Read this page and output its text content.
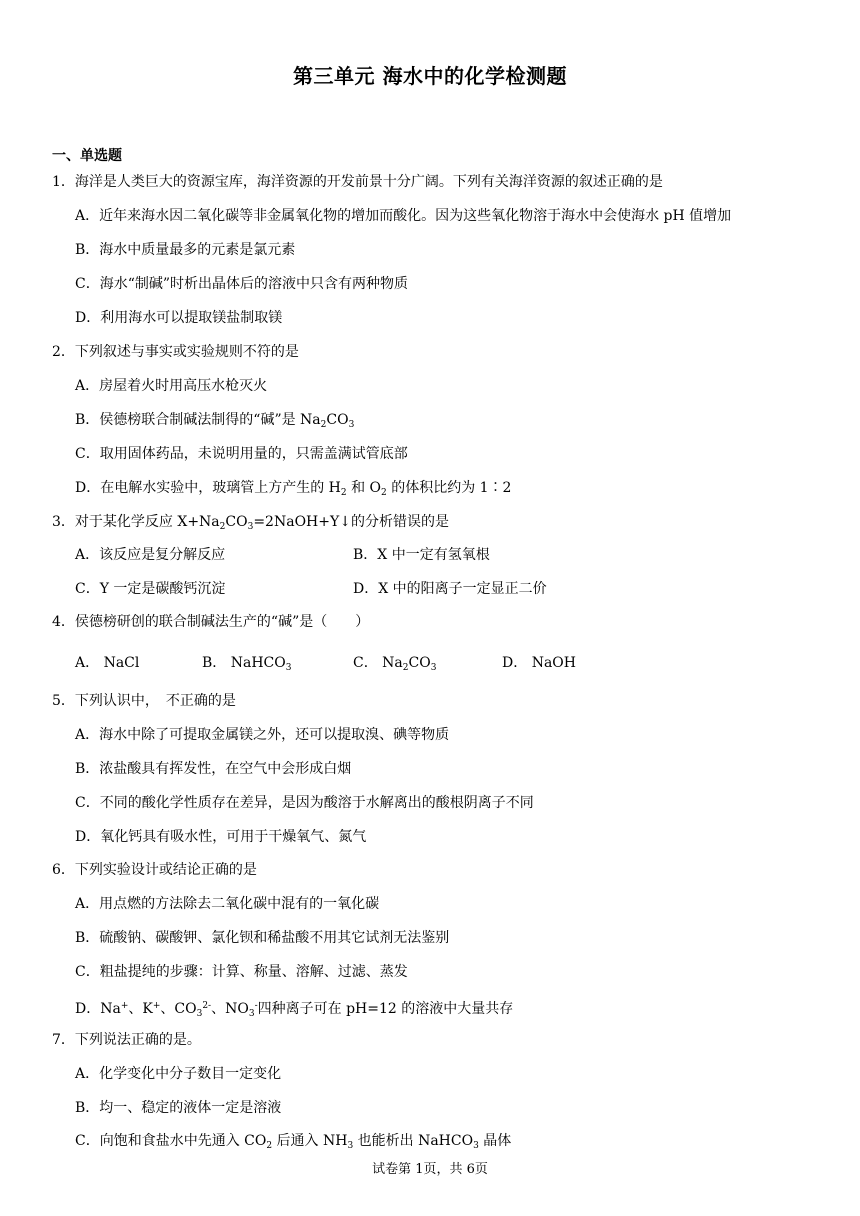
第三单元 海水中的化学检测题
一、单选题
1．海洋是人类巨大的资源宝库，海洋资源的开发前景十分广阔。下列有关海洋资源的叙述正确的是
A．近年来海水因二氧化碳等非金属氧化物的增加而酸化。因为这些氧化物溶于海水中会使海水 pH 值增加
B．海水中质量最多的元素是氯元素
C．海水“制碱”时析出晶体后的溶液中只含有两种物质
D．利用海水可以提取镁盐制取镁
2．下列叙述与事实或实验规则不符的是
A．房屋着火时用高压水枪灭火
B．侯德榜联合制碱法制得的“碱”是 $Na_2CO_3$
C．取用固体药品，未说明用量的，只需盖满试管底部
D．在电解水实验中，玻璃管上方产生的 $H_2$ 和 $O_2$ 的体积比约为 1∶2
3．对于某化学反应 $X+Na_2CO_3=2NaOH+Y↓$的分析错误的是
A．该反应是复分解反应	B．X 中一定有氢氧根
C．Y 一定是碳酸钙沉淀	D．X 中的阳离子一定显正二价
4．侯德榜研创的联合制碱法生产的“碱”是（　　）
A． NaCl	B． NaHCO$_3$	C． $Na_2CO_3$	D． NaOH
5．下列认识中，　不正确的是
A．海水中除了可提取金属镁之外，还可以提取溴、碘等物质
B．浓盐酸具有挥发性，在空气中会形成白烟
C．不同的酸化学性质存在差异，是因为酸溶于水解离出的酸根阴离子不同
D．氧化钙具有吸水性，可用于干燥氧气、氮气
6．下列实验设计或结论正确的是
A．用点燃的方法除去二氧化碳中混有的一氧化碳
B．硫酸钠、碳酸钾、氯化钡和稀盐酸不用其它试剂无法鉴别
C．粗盐提纯的步骤：计算、称量、溶解、过滤、蒸发
D．Na+、K+、$CO_3^{2-}$、$NO_3^-$四种离子可在 pH=12 的溶液中大量共存
7．下列说法正确的是。
A．化学变化中分子数目一定变化
B．均一、稳定的液体一定是溶液
C．向饱和食盐水中先通入 $CO_2$ 后通入 $NH_3$ 也能析出 NaHCO$_3$ 晶体
试卷第 1页，共 6页
